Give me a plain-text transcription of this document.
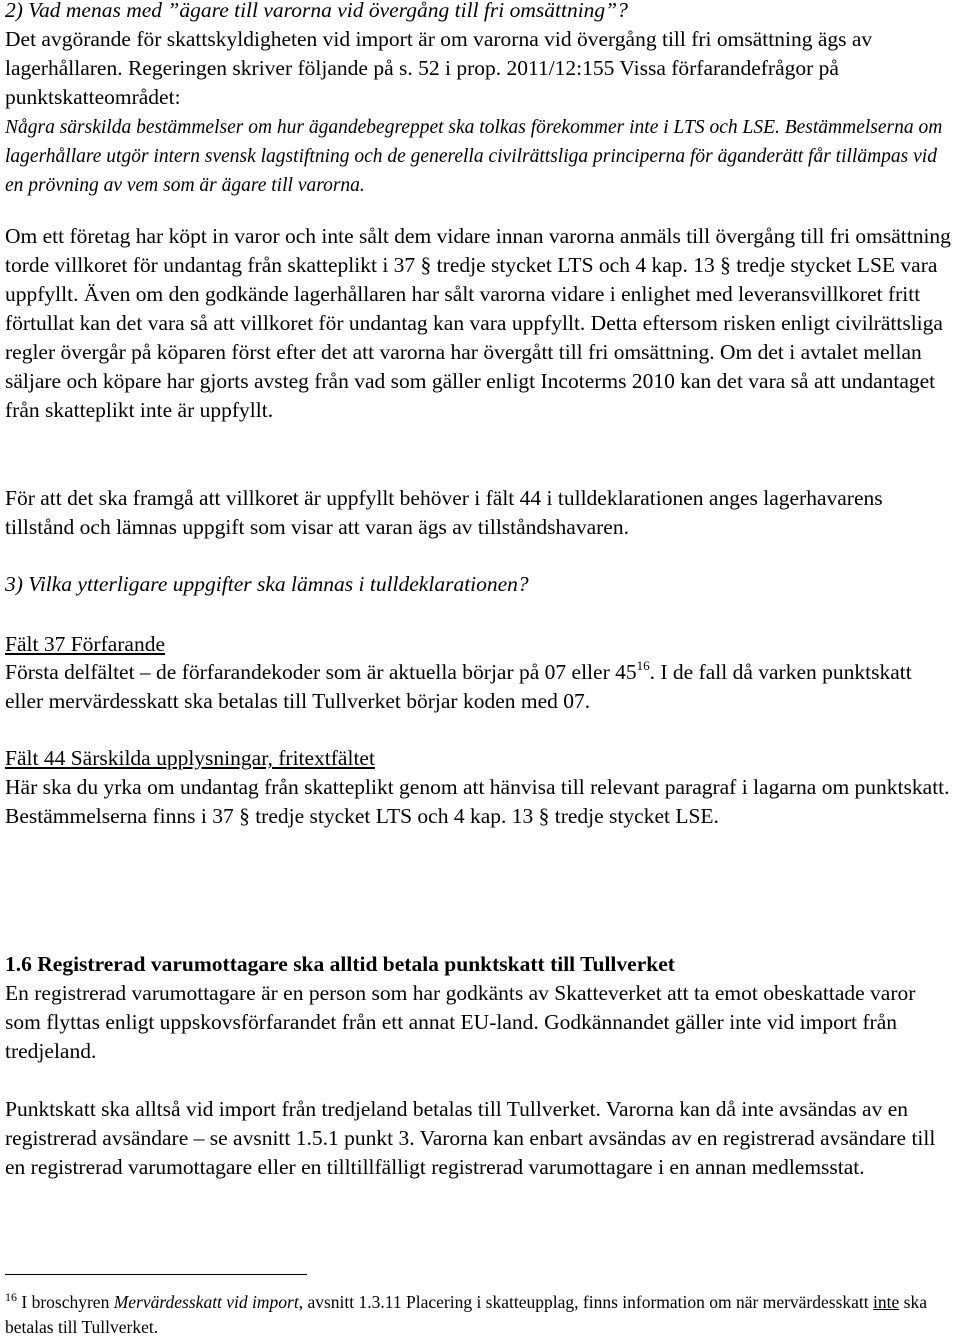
2) Vad menas med ”ägare till varorna vid övergång till fri omsättning”?

Det avgörande för skattskyldigheten vid import är om varorna vid övergång till fri omsättning ägs av lagerhållaren. Regeringen skriver följande på s. 52 i prop. 2011/12:155 Vissa förfarandefrågor på punktskatteområdet:

Några särskilda bestämmelser om hur ägandebegreppet ska tolkas förekommer inte i LTS och LSE. Bestämmelserna om lagerhållare utgör intern svensk lagstiftning och de generella civilrättsliga principerna för äganderätt får tillämpas vid en prövning av vem som är ägare till varorna.

Om ett företag har köpt in varor och inte sålt dem vidare innan varorna anmäls till övergång till fri omsättning torde villkoret för undantag från skatteplikt i 37 § tredje stycket LTS och 4 kap. 13 § tredje stycket LSE vara uppfyllt. Även om den godkände lagerhållaren har sålt varorna vidare i enlighet med leveransvillkoret fritt förtullat kan det vara så att villkoret för undantag kan vara uppfyllt. Detta eftersom risken enligt civilrättsliga regler övergår på köparen först efter det att varorna har övergått till fri omsättning. Om det i avtalet mellan säljare och köpare har gjorts avsteg från vad som gäller enligt Incoterms 2010 kan det vara så att undantaget från skatteplikt inte är uppfyllt.

För att det ska framgå att villkoret är uppfyllt behöver i fält 44 i tulldeklarationen anges lagerhavarens tillstånd och lämnas uppgift som visar att varan ägs av tillståndshavaren.

3) Vilka ytterligare uppgifter ska lämnas i tulldeklarationen?

Fält 37 Förfarande

Första delfältet – de förfarandekoder som är aktuella börjar på 07 eller $45^{16}$. I de fall då varken punktskatt eller mervärdesskatt ska betalas till Tullverket börjar koden med 07.

Fält 44 Särskilda upplysningar, fritextfältet

Här ska du yrka om undantag från skatteplikt genom att hänvisa till relevant paragraf i lagarna om punktskatt. Bestämmelserna finns i 37 § tredje stycket LTS och 4 kap. 13 § tredje stycket LSE.

1.6 Registrerad varumottagare ska alltid betala punktskatt till Tullverket

En registrerad varumottagare är en person som har godkänts av Skatteverket att ta emot obeskattade varor som flyttas enligt uppskovsförfarandet från ett annat EU-land. Godkännandet gäller inte vid import från tredjeland.

Punktskatt ska alltså vid import från tredjeland betalas till Tullverket. Varorna kan då inte avsändas av en registrerad avsändare – se avsnitt 1.5.1 punkt 3. Varorna kan enbart avsändas av en registrerad avsändare till en registrerad varumottagare eller en tilltillfälligt registrerad varumottagare i en annan medlemsstat.

$^{16}$ I broschyren Mervärdesskatt vid import, avsnitt 1.3.11 Placering i skatteupplag, finns information om när mervärdesskatt inte ska betalas till Tullverket.
